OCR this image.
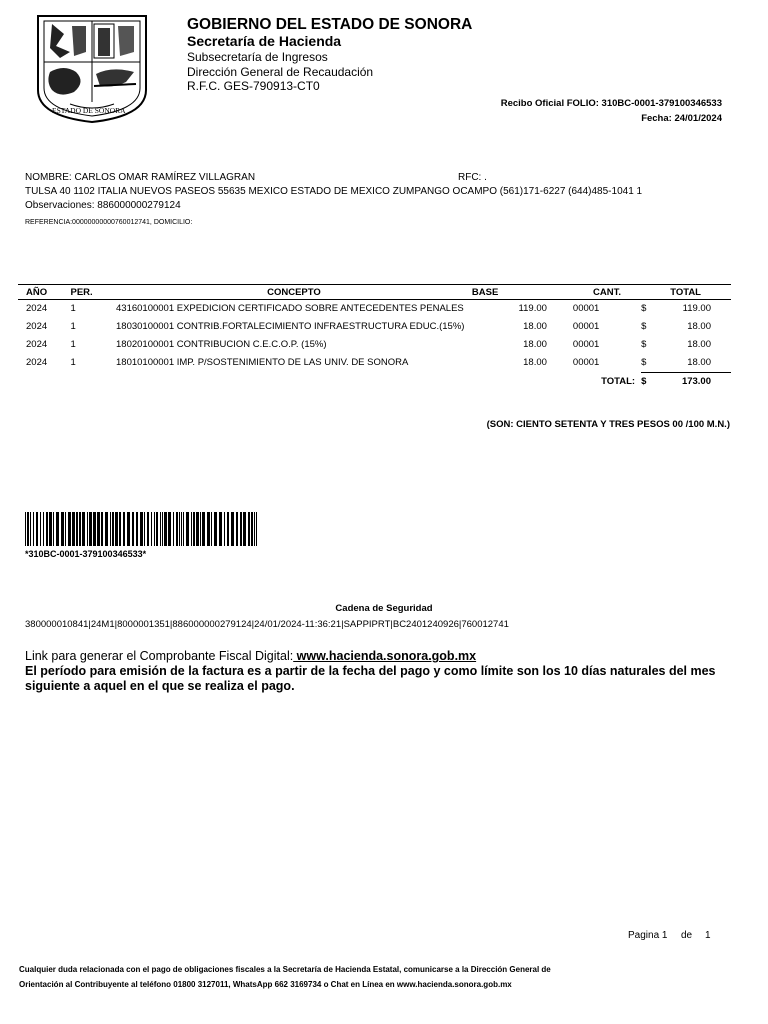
ESTADO DE SONORA
GOBIERNO DEL ESTADO DE SONORA
Secretaría de Hacienda
Subsecretaría de Ingresos
Dirección General de Recaudación
R.F.C. GES-790913-CT0
Recibo Oficial FOLIO: 310BC-0001-379100346533
Fecha: 24/01/2024
NOMBRE: CARLOS OMAR RAMÍREZ VILLAGRAN	RFC: .
TULSA 40 1102 ITALIA NUEVOS PASEOS 55635 MEXICO ESTADO DE MEXICO ZUMPANGO OCAMPO (561)171-6227 (644)485-1041 1
Observaciones: 886000000279124
REFERENCIA:00000000000760012741, DOMICILIO:
AÑO	PER.	CONCEPTO	BASE	CANT.		TOTAL
2024	1	43160100001 EXPEDICION CERTIFICADO SOBRE ANTECEDENTES PENALES	119.00	00001	$	119.00
2024	1	18030100001 CONTRIB.FORTALECIMIENTO INFRAESTRUCTURA EDUC.(15%)	18.00	00001	$	18.00
2024	1	18020100001 CONTRIBUCION C.E.C.O.P. (15%)	18.00	00001	$	18.00
2024	1	18010100001 IMP. P/SOSTENIMIENTO DE LAS UNIV. DE SONORA	18.00	00001	$	18.00
				TOTAL:	$	173.00
(SON: CIENTO SETENTA Y TRES PESOS 00 /100 M.N.)
*310BC-0001-379100346533*
Cadena de Seguridad
380000010841|24M1|8000001351|886000000279124|24/01/2024-11:36:21|SAPPIPRT|BC2401240926|760012741
Link para generar el Comprobante Fiscal Digital: www.hacienda.sonora.gob.mx
El período para emisión de la factura es a partir de la fecha del pago y como límite son los 10 días naturales del mes siguiente a aquel en el que se realiza el pago.
Pagina 1 de 1
Cualquier duda relacionada con el pago de obligaciones fiscales a la Secretaría de Hacienda Estatal, comunicarse a la Dirección General de
Orientación al Contribuyente al teléfono 01800 3127011, WhatsApp 662 3169734 o Chat en Línea en www.hacienda.sonora.gob.mx
